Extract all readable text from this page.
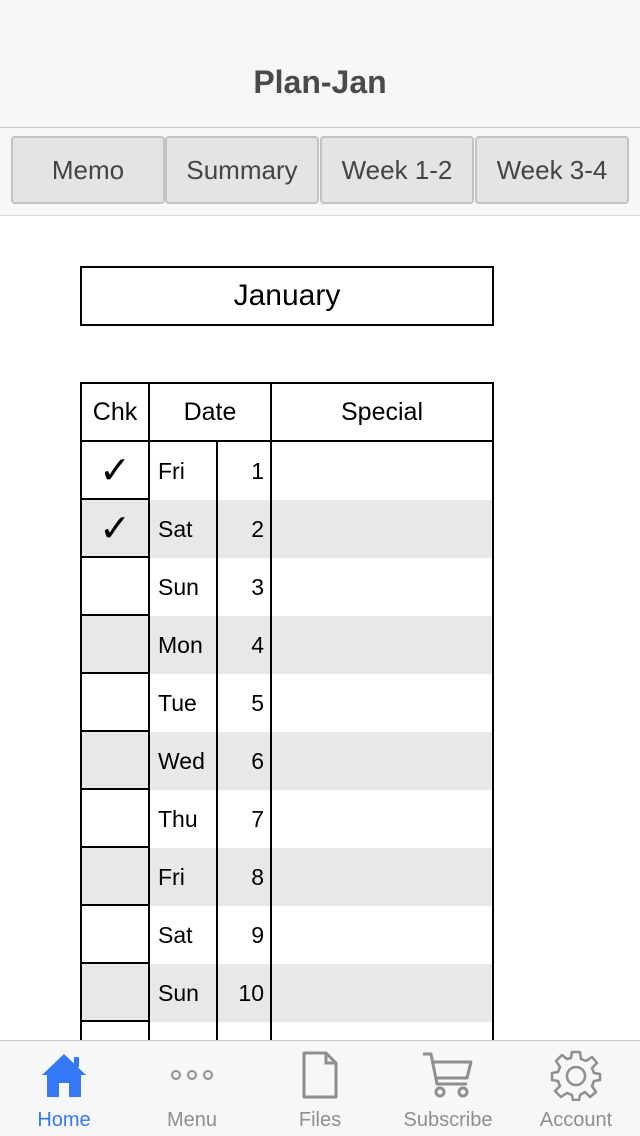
Plan-Jan
Memo	Summary	Week 1-2	Week 3-4
January
Chk	Date	Special
✓ Fri	1
✓ Sat	2
Sun	3
Mon	4
Tue	5
Wed	6
Thu	7
Fri	8
Sat	9
Sun	10
Home	Menu	Files	Subscribe Account
